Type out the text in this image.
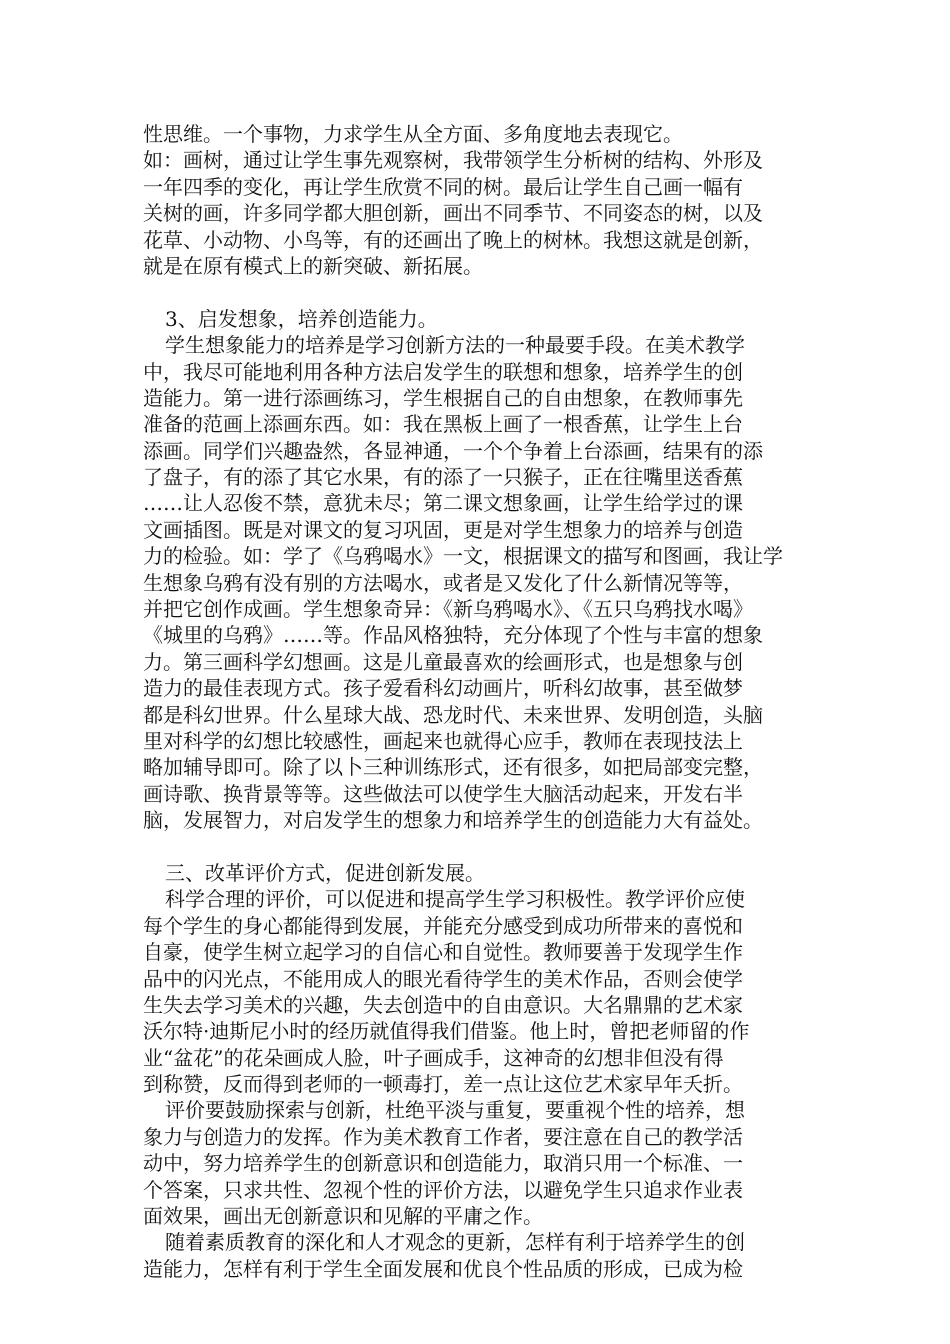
性思维。一个事物，力求学生从全方面、多角度地去表现它。
如：画树，通过让学生事先观察树，我带领学生分析树的结构、外形及
一年四季的变化，再让学生欣赏不同的树。最后让学生自己画一幅有
关树的画，许多同学都大胆创新，画出不同季节、不同姿态的树，以及
花草、小动物、小鸟等，有的还画出了晚上的树林。我想这就是创新，
就是在原有模式上的新突破、新拓展。
3、启发想象，培养创造能力。
学生想象能力的培养是学习创新方法的一种最要手段。在美术教学
中，我尽可能地利用各种方法启发学生的联想和想象，培养学生的创
造能力。第一进行添画练习，学生根据自己的自由想象，在教师事先
准备的范画上添画东西。如：我在黑板上画了一根香蕉，让学生上台
添画。同学们兴趣盎然，各显神通，一个个争着上台添画，结果有的添
了盘子，有的添了其它水果，有的添了一只猴子，正在往嘴里送香蕉
……让人忍俊不禁，意犹未尽；第二课文想象画，让学生给学过的课
文画插图。既是对课文的复习巩固，更是对学生想象力的培养与创造
力的检验。如：学了《乌鸦喝水》一文，根据课文的描写和图画，我让学
生想象乌鸦有没有别的方法喝水，或者是又发化了什么新情况等等，
并把它创作成画。学生想象奇异：《新乌鸦喝水》、《五只乌鸦找水喝》
《城里的乌鸦》……等。作品风格独特，充分体现了个性与丰富的想象
力。第三画科学幻想画。这是儿童最喜欢的绘画形式，也是想象与创
造力的最佳表现方式。孩子爱看科幻动画片，听科幻故事，甚至做梦
都是科幻世界。什么星球大战、恐龙时代、未来世界、发明创造，头脑
里对科学的幻想比较感性，画起来也就得心应手，教师在表现技法上
略加辅导即可。除了以卜三种训练形式，还有很多，如把局部变完整，
画诗歌、换背景等等。这些做法可以使学生大脑活动起来，开发右半
脑，发展智力，对启发学生的想象力和培养学生的创造能力大有益处。
三、改革评价方式，促进创新发展。
科学合理的评价，可以促进和提高学生学习积极性。教学评价应使
每个学生的身心都能得到发展，并能充分感受到成功所带来的喜悦和
自豪，使学生树立起学习的自信心和自觉性。教师要善于发现学生作
品中的闪光点，不能用成人的眼光看待学生的美术作品，否则会使学
生失去学习美术的兴趣，失去创造中的自由意识。大名鼎鼎的艺术家
沃尔特·迪斯尼小时的经历就值得我们借鉴。他上时，曾把老师留的作
业“盆花”的花朵画成人脸，叶子画成手，这神奇的幻想非但没有得
到称赞，反而得到老师的一顿毒打，差一点让这位艺术家早年夭折。
评价要鼓励探索与创新，杜绝平淡与重复，要重视个性的培养，想
象力与创造力的发挥。作为美术教育工作者，要注意在自己的教学活
动中，努力培养学生的创新意识和创造能力，取消只用一个标准、一
个答案，只求共性、忽视个性的评价方法，以避免学生只追求作业表
面效果，画出无创新意识和见解的平庸之作。
随着素质教育的深化和人才观念的更新，怎样有利于培养学生的创
造能力，怎样有利于学生全面发展和优良个性品质的形成，已成为检
